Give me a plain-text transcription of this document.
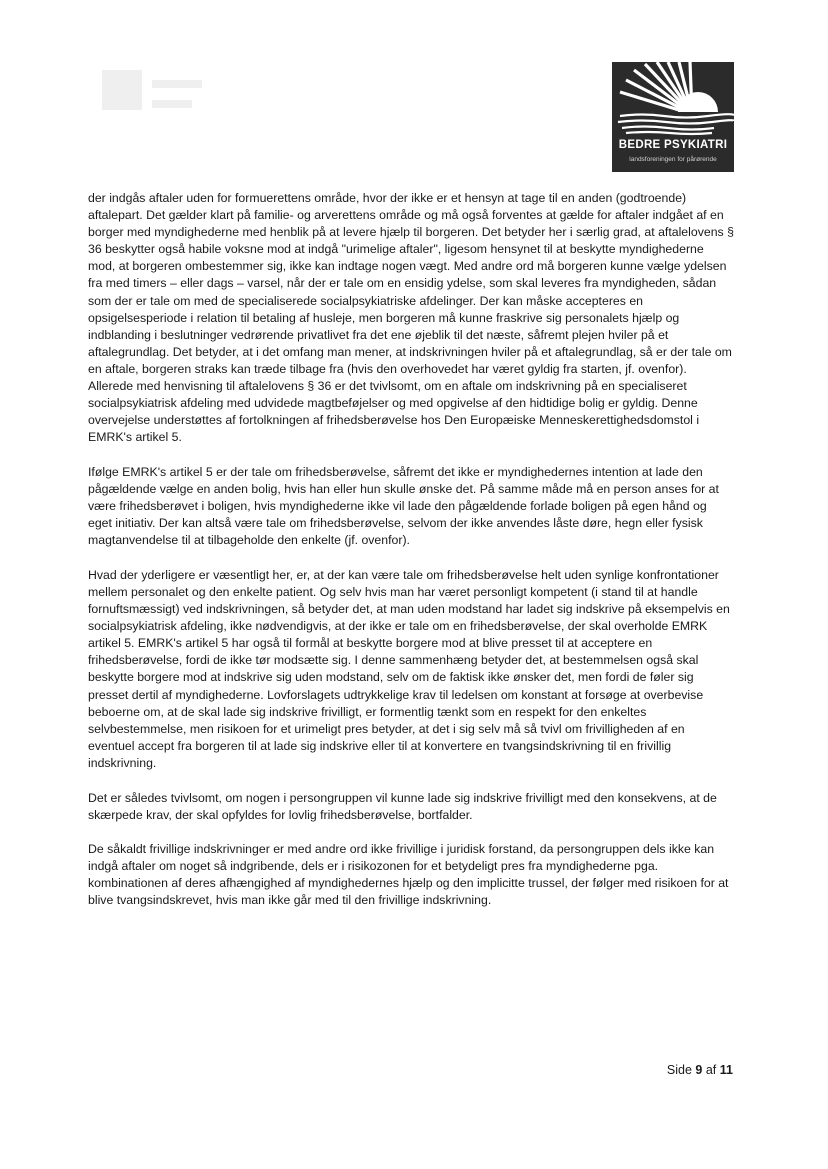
BEDRE PSYKIATRI
landsforeningen for pårørende

der indgås aftaler uden for formuerettens område, hvor der ikke er et hensyn at tage til en anden (godtroende) aftalepart. Det gælder klart på familie- og arverettens område og må også forventes at gælde for aftaler indgået af en borger med myndighederne med henblik på at levere hjælp til borgeren. Det betyder her i særlig grad, at aftalelovens § 36 beskytter også habile voksne mod at indgå "urimelige aftaler", ligesom hensynet til at beskytte myndighederne mod, at borgeren ombestemmer sig, ikke kan indtage nogen vægt. Med andre ord må borgeren kunne vælge ydelsen fra med timers – eller dags – varsel, når der er tale om en ensidig ydelse, som skal leveres fra myndigheden, sådan som der er tale om med de specialiserede socialpsykiatriske afdelinger. Der kan måske accepteres en opsigelsesperiode i relation til betaling af husleje, men borgeren må kunne fraskrive sig personalets hjælp og indblanding i beslutninger vedrørende privatlivet fra det ene øjeblik til det næste, såfremt plejen hviler på et aftalegrundlag. Det betyder, at i det omfang man mener, at indskrivningen hviler på et aftalegrundlag, så er der tale om en aftale, borgeren straks kan træde tilbage fra (hvis den overhovedet har været gyldig fra starten, jf. ovenfor). Allerede med henvisning til aftalelovens § 36 er det tvivlsomt, om en aftale om indskrivning på en specialiseret socialpsykiatrisk afdeling med udvidede magtbeføjelser og med opgivelse af den hidtidige bolig er gyldig. Denne overvejelse understøttes af fortolkningen af frihedsberøvelse hos Den Europæiske Menneskerettighedsdomstol i EMRK's artikel 5.

Ifølge EMRK's artikel 5 er der tale om frihedsberøvelse, såfremt det ikke er myndighedernes intention at lade den pågældende vælge en anden bolig, hvis han eller hun skulle ønske det. På samme måde må en person anses for at være frihedsberøvet i boligen, hvis myndighederne ikke vil lade den pågældende forlade boligen på egen hånd og eget initiativ. Der kan altså være tale om frihedsberøvelse, selvom der ikke anvendes låste døre, hegn eller fysisk magtanvendelse til at tilbageholde den enkelte (jf. ovenfor).

Hvad der yderligere er væsentligt her, er, at der kan være tale om frihedsberøvelse helt uden synlige konfrontationer mellem personalet og den enkelte patient. Og selv hvis man har været personligt kompetent (i stand til at handle fornuftsmæssigt) ved indskrivningen, så betyder det, at man uden modstand har ladet sig indskrive på eksempelvis en socialpsykiatrisk afdeling, ikke nødvendigvis, at der ikke er tale om en frihedsberøvelse, der skal overholde EMRK artikel 5. EMRK's artikel 5 har også til formål at beskytte borgere mod at blive presset til at acceptere en frihedsberøvelse, fordi de ikke tør modsætte sig. I denne sammenhæng betyder det, at bestemmelsen også skal beskytte borgere mod at indskrive sig uden modstand, selv om de faktisk ikke ønsker det, men fordi de føler sig presset dertil af myndighederne. Lovforslagets udtrykkelige krav til ledelsen om konstant at forsøge at overbevise beboerne om, at de skal lade sig indskrive frivilligt, er formentlig tænkt som en respekt for den enkeltes selvbestemmelse, men risikoen for et urimeligt pres betyder, at det i sig selv må så tvivl om frivilligheden af en eventuel accept fra borgeren til at lade sig indskrive eller til at konvertere en tvangsindskrivning til en frivillig indskrivning.

Det er således tvivlsomt, om nogen i persongruppen vil kunne lade sig indskrive frivilligt med den konsekvens, at de skærpede krav, der skal opfyldes for lovlig frihedsberøvelse, bortfalder.

De såkaldt frivillige indskrivninger er med andre ord ikke frivillige i juridisk forstand, da persongruppen dels ikke kan indgå aftaler om noget så indgribende, dels er i risikozonen for et betydeligt pres fra myndighederne pga. kombinationen af deres afhængighed af myndighedernes hjælp og den implicitte trussel, der følger med risikoen for at blive tvangsindskrevet, hvis man ikke går med til den frivillige indskrivning.

Side 9 af 11
